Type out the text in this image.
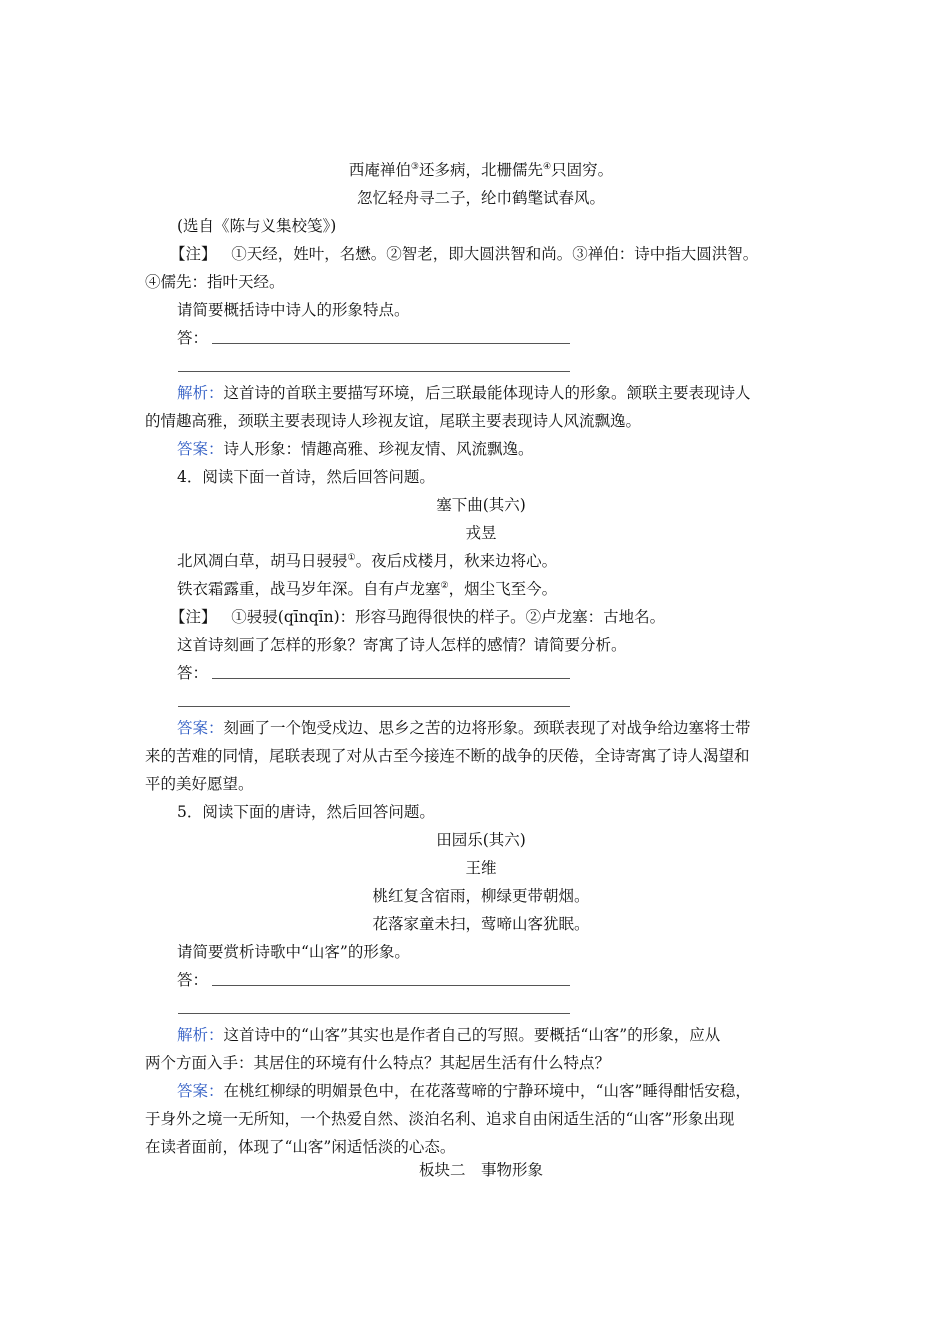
西庵禅伯③还多病，北栅儒先④只固穷。
忽忆轻舟寻二子，纶巾鹤氅试春风。
(选自《陈与义集校笺》)
【注】 ①天经，姓叶，名懋。②智老，即大圆洪智和尚。③禅伯：诗中指大圆洪智。
④儒先：指叶天经。
请简要概括诗中诗人的形象特点。
答：
解析：这首诗的首联主要描写环境，后三联最能体现诗人的形象。颔联主要表现诗人
的情趣高雅，颈联主要表现诗人珍视友谊，尾联主要表现诗人风流飘逸。
答案：诗人形象：情趣高雅、珍视友情、风流飘逸。
4．阅读下面一首诗，然后回答问题。
塞下曲(其六)
戎昱
北风凋白草，胡马日骎骎①。夜后戍楼月，秋来边将心。
铁衣霜露重，战马岁年深。自有卢龙塞②，烟尘飞至今。
【注】 ①骎骎(qīnqīn)：形容马跑得很快的样子。②卢龙塞：古地名。
这首诗刻画了怎样的形象？寄寓了诗人怎样的感情？请简要分析。
答：
答案：刻画了一个饱受戍边、思乡之苦的边将形象。颈联表现了对战争给边塞将士带
来的苦难的同情，尾联表现了对从古至今接连不断的战争的厌倦，全诗寄寓了诗人渴望和
平的美好愿望。
5．阅读下面的唐诗，然后回答问题。
田园乐(其六)
王维
桃红复含宿雨，柳绿更带朝烟。
花落家童未扫，莺啼山客犹眠。
请简要赏析诗歌中“山客”的形象。
答：
解析：这首诗中的“山客”其实也是作者自己的写照。要概括“山客”的形象，应从
两个方面入手：其居住的环境有什么特点？其起居生活有什么特点？
答案：在桃红柳绿的明媚景色中，在花落莺啼的宁静环境中，“山客”睡得酣恬安稳，
于身外之境一无所知，一个热爱自然、淡泊名利、追求自由闲适生活的“山客”形象出现
在读者面前，体现了“山客”闲适恬淡的心态。
板块二　事物形象
